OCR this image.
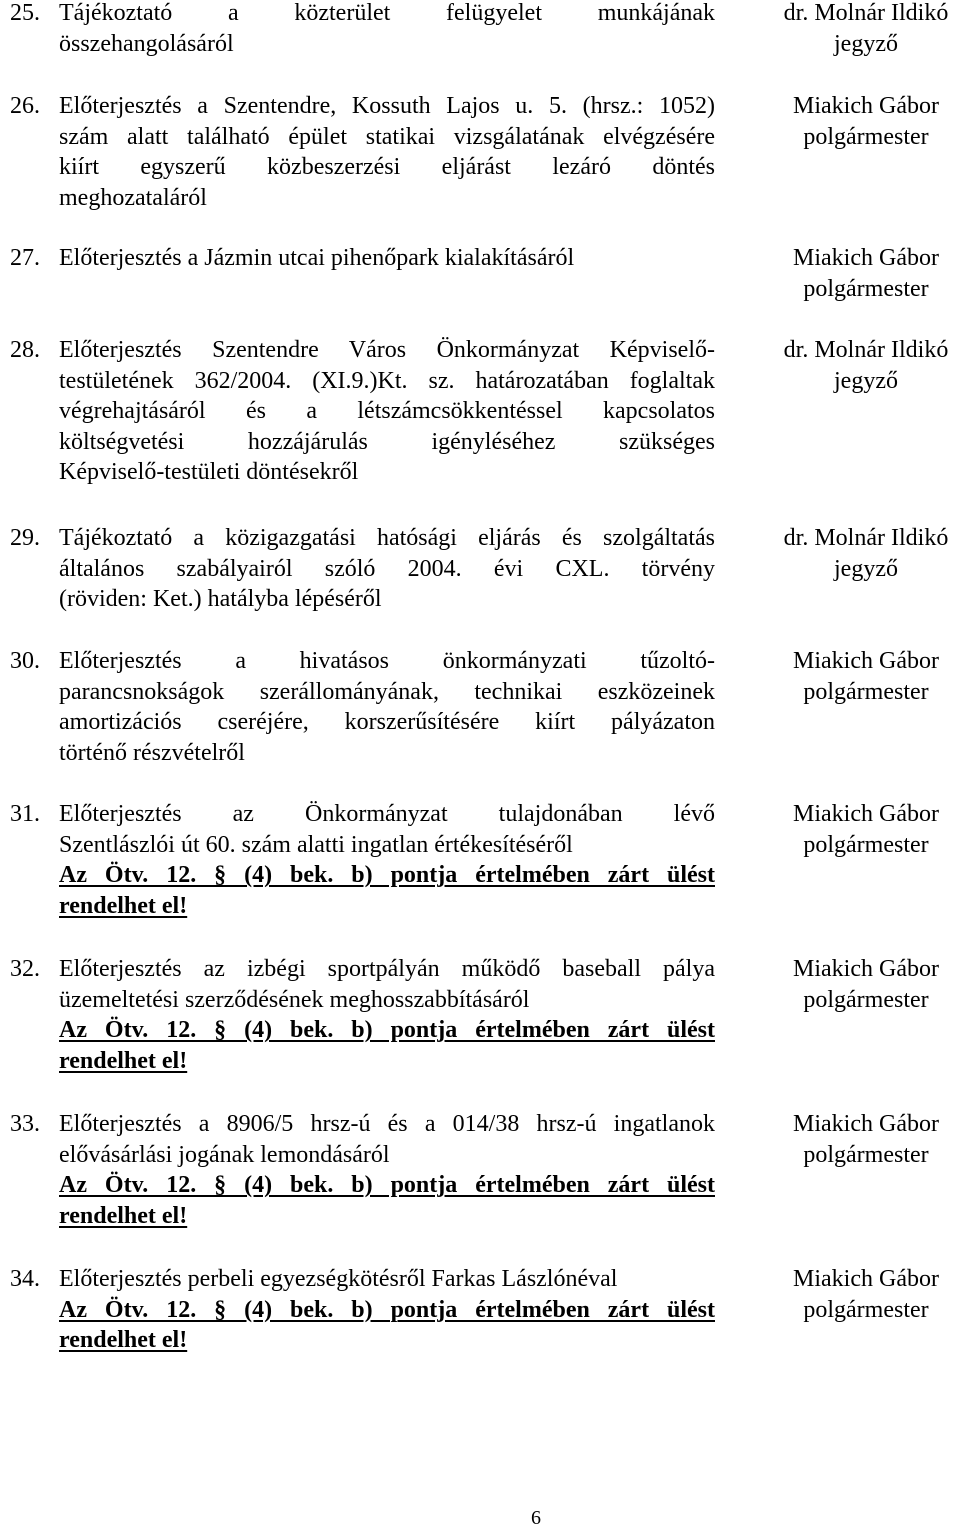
25. Tájékoztató a közterület felügyelet munkájának
összehangolásáról
dr. Molnár Ildikó
jegyző
26. Előterjesztés a Szentendre, Kossuth Lajos u. 5. (hrsz.: 1052)
szám alatt található épület statikai vizsgálatának elvégzésére
kiírt egyszerű közbeszerzési eljárást lezáró döntés
meghozataláról
Miakich Gábor
polgármester
27. Előterjesztés a Jázmin utcai pihenőpark kialakításáról	Miakich Gábor
polgármester
28. Előterjesztés Szentendre Város Önkormányzat Képviselő-
testületének 362/2004. (XI.9.)Kt. sz. határozatában foglaltak
végrehajtásáról és a létszámcsökkentéssel kapcsolatos
költségvetési hozzájárulás igényléséhez szükséges
Képviselő-testületi döntésekről
dr. Molnár Ildikó
jegyző
29. Tájékoztató a közigazgatási hatósági eljárás és szolgáltatás
általános szabályairól szóló 2004. évi CXL. törvény
(röviden: Ket.) hatályba lépéséről
dr. Molnár Ildikó
jegyző
30. Előterjesztés a hivatásos önkormányzati tűzoltó-
parancsnokságok szerállományának, technikai eszközeinek
amortizációs cseréjére, korszerűsítésére kiírt pályázaton
történő részvételről
Miakich Gábor
polgármester
31. Előterjesztés az Önkormányzat tulajdonában lévő
Szentlászlói út 60. szám alatti ingatlan értékesítéséről
Az Ötv. 12. § (4) bek. b) pontja értelmében zárt ülést
rendelhet el!

Miakich Gábor
polgármester
32. Előterjesztés az izbégi sportpályán működő baseball pálya
üzemeltetési szerződésének meghosszabbításáról
Az Ötv. 12. § (4) bek. b) pontja értelmében zárt ülést
rendelhet el!

Miakich Gábor
polgármester
33. Előterjesztés a 8906/5 hrsz-ú és a 014/38 hrsz-ú ingatlanok
elővásárlási jogának lemondásáról
Az Ötv. 12. § (4) bek. b) pontja értelmében zárt ülést
rendelhet el!

Miakich Gábor
polgármester
34. Előterjesztés perbeli egyezségkötésről Farkas Lászlónéval
Az Ötv. 12. § (4) bek. b) pontja értelmében zárt ülést
rendelhet el!

Miakich Gábor
polgármester
6
